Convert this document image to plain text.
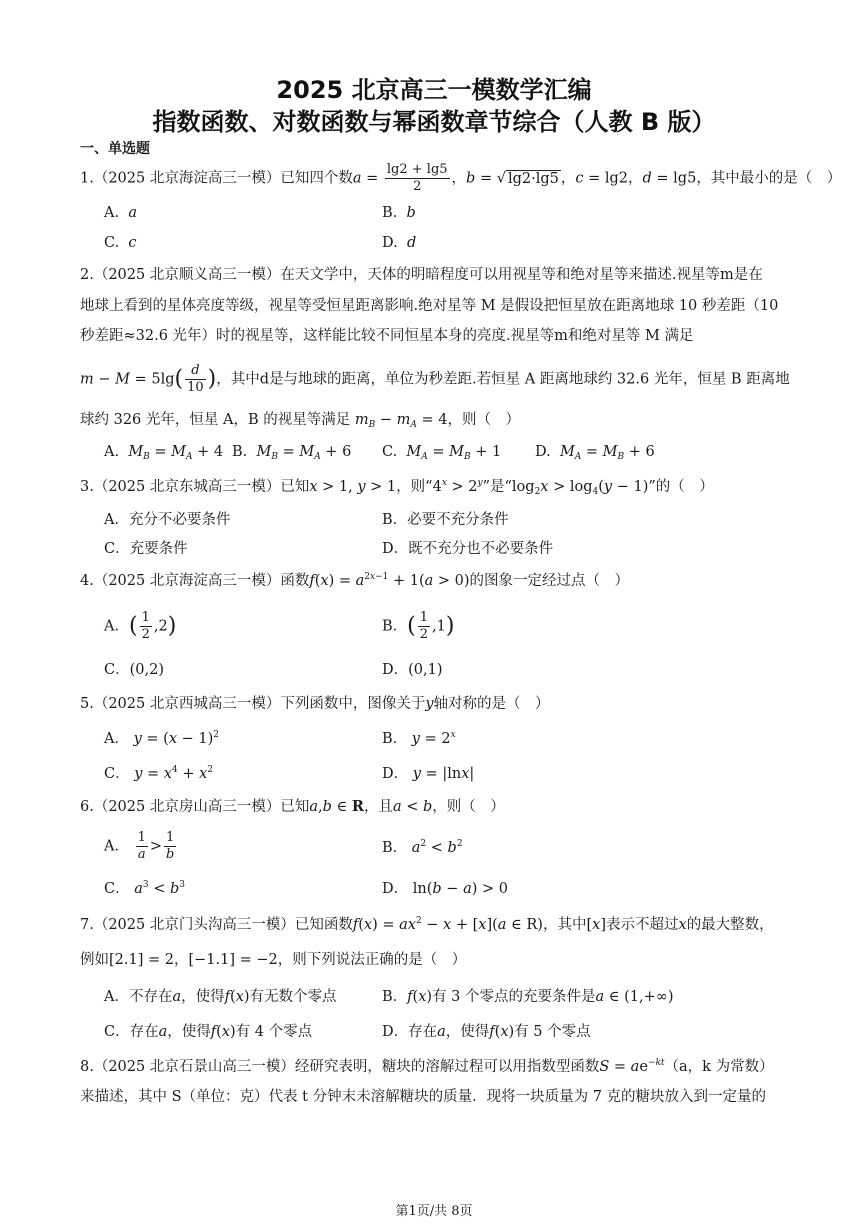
2025 北京高三一模数学汇编
指数函数、对数函数与幂函数章节综合（人教 B 版）
一、单选题
1.（2025 北京海淀高三一模）已知四个数$a = \frac{\lg 2 + \lg 5}{2}$ ，b = √ lg2·lg5 ，c = lg2，d = lg5，其中最小的是（　）
A. a	B. b
C. c	D. d
2.（2025 北京顺义高三一模）在天文学中，天体的明暗程度可以用视星等和绝对星等来描述.视星等m是在
地球上看到的星体亮度等级，视星等受恒星距离影响.绝对星等 M 是假设把恒星放在距离地球 10 秒差距（10
秒差距≈32.6 光年）时的视星等，这样能比较不同恒星本身的亮度.视星等m和绝对星等 M 满足
$m - M = 5\lg( \frac{d}{10}$ )，其中d是与地球的距离，单位为秒差距.若恒星 A 距离地球约 32.6 光年，恒星 B 距离地
球约 326 光年，恒星 A，B 的视星等满足 $m_B - m_A = 4$，则（　）
A. $M_B = M_A + 4$ B. $M_B = M_A + 6$ C. $M_A = M_B + 1$ D. $M_A = M_B + 6$
3.（2025 北京东城高三一模）已知x > 1, y > 1，则“$4^x > 2^y$”是“$\log_2x > \log_4(y - 1)$”的（　）
A．充分不必要条件	B．必要不充分条件
C．充要条件	D．既不充分也不必要条件
4.（2025 北京海淀高三一模）函数$f(x) = a^{2x-1} + 1(a > 0)$的图象一定经过点（　）
A．( $\frac{1}{2} ,2$)	B．( $\frac{1}{2} ,1$)
C．(0,2)	D．(0,1)
5.（2025 北京西城高三一模）下列函数中，图像关于y轴对称的是（　）
A． $y = (x - 1)^2$	B． $y = 2^x$
C． $y = x^4 + x^2$	D． y = |lnx|
6.（2025 北京房山高三一模）已知a,b ∈ R，且a < b，则（　）
A． $\frac{1}{a} > \frac{1}{b}$	B． $a^2 < b^2$
C． $a^3 < b^3$	D． ln(b − a) > 0
7.（2025 北京门头沟高三一模）已知函数$f(x) = ax^2 - x + [x](a$ ∈ R)，其中[x]表示不超过x的最大整数，
例如[2.1] = 2，[−1.1] = −2，则下列说法正确的是（　）
A．不存在a，使得f(x)有无数个零点	B．f(x)有 3 个零点的充要条件是a ∈ (1,+∞)
C．存在a，使得f(x)有 4 个零点	D．存在a，使得f(x)有 5 个零点
8.（2025 北京石景山高三一模）经研究表明，糖块的溶解过程可以用指数型函数$S = ae^{-kt}(a$，k 为常数）
来描述，其中 S（单位：克）代表 t 分钟末未溶解糖块的质量．现将一块质量为 7 克的糖块放入到一定量的
第1页/共 8页
